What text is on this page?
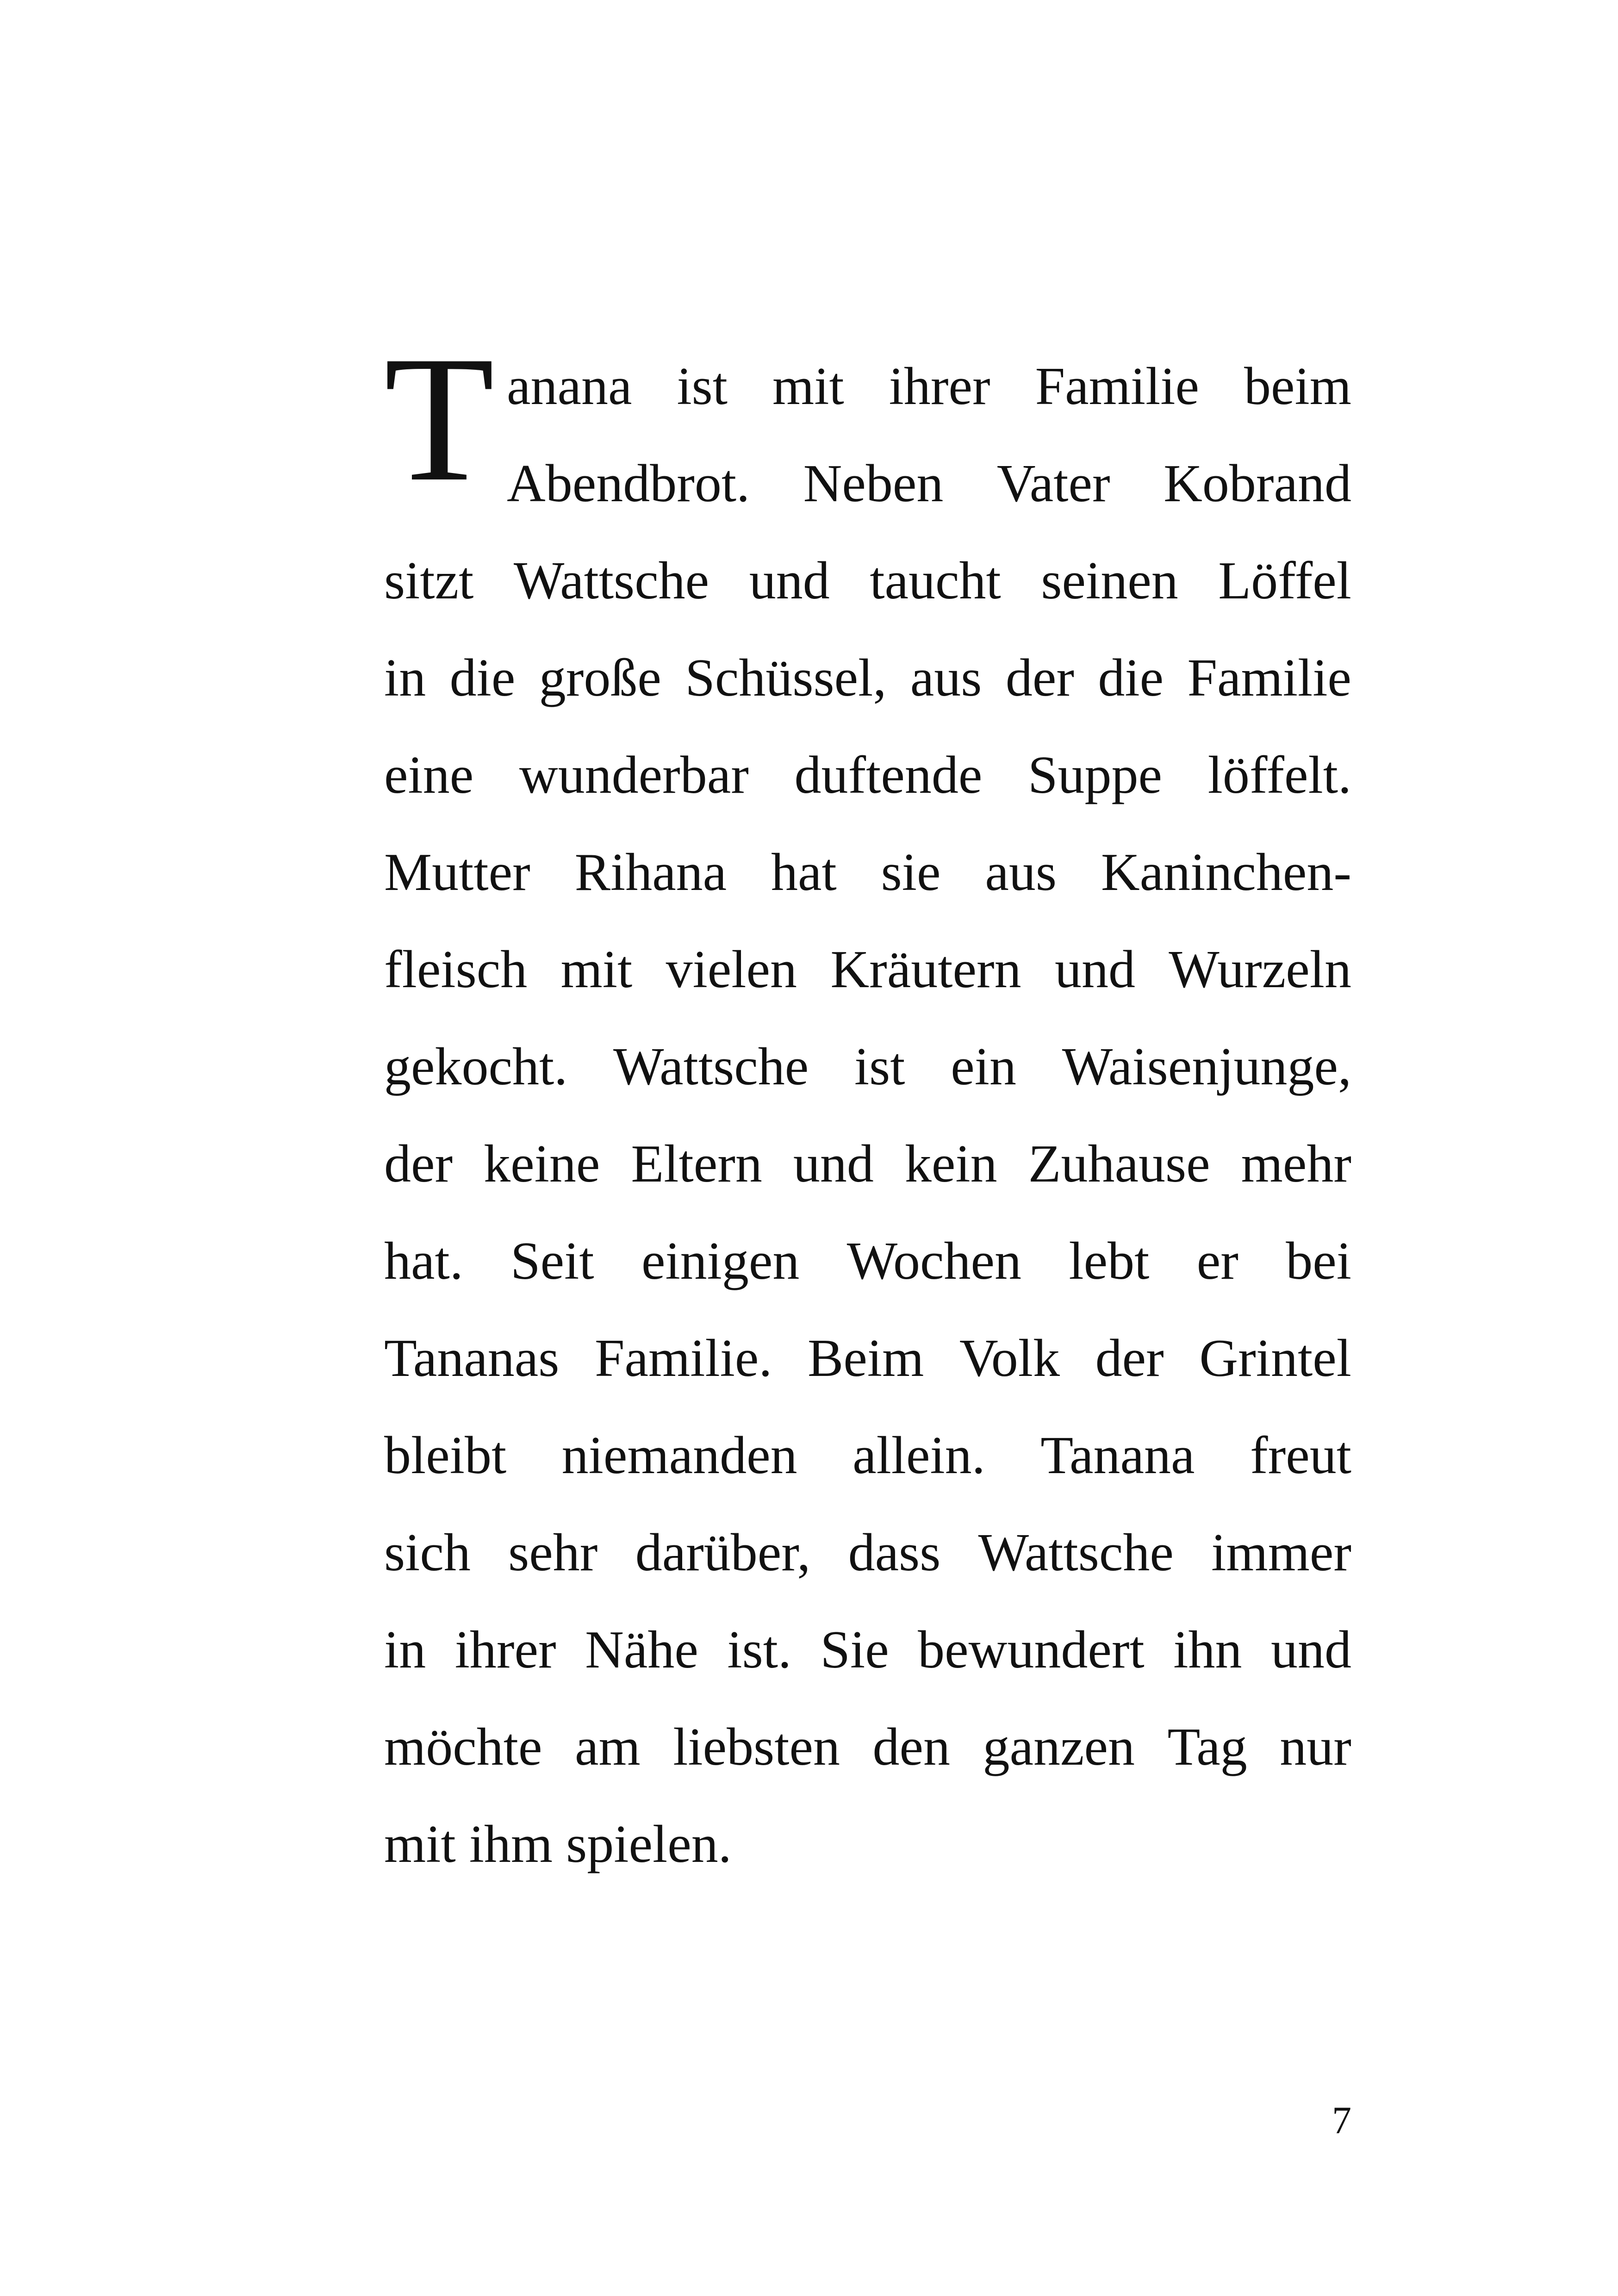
T anana ist mit ihrer Familie beim
Abendbrot. Neben Vater Kobrand
sitzt Wattsche und taucht seinen Löffel
in die große Schüssel, aus der die Familie
eine wunderbar duftende Suppe löffelt.
Mutter Rihana hat sie aus Kaninchen-
fleisch mit vielen Kräutern und Wurzeln
gekocht. Wattsche ist ein Waisenjunge,
der keine Eltern und kein Zuhause mehr
hat. Seit einigen Wochen lebt er bei
Tananas Familie. Beim Volk der Grintel
bleibt niemanden allein. Tanana freut
sich sehr darüber, dass Wattsche immer
in ihrer Nähe ist. Sie bewundert ihn und
möchte am liebsten den ganzen Tag nur
mit
ihm
spielen.
7
